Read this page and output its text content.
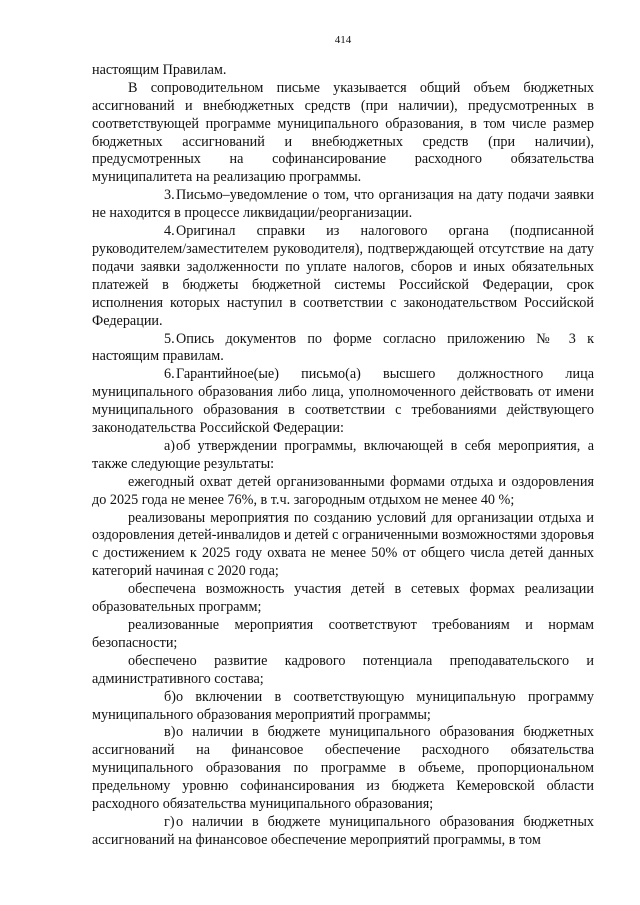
414

настоящим Правилам.

В сопроводительном письме указывается общий объем бюджетных ассигнований и внебюджетных средств (при наличии), предусмотренных в соответствующей программе муниципального образования, в том числе размер бюджетных ассигнований и внебюджетных средств (при наличии), предусмотренных на софинансирование расходного обязательства муниципалитета на реализацию программы.

3.Письмо–уведомление о том, что организация на дату подачи заявки не находится в процессе ликвидации/реорганизации.

4.Оригинал справки из налогового органа (подписанной руководителем/заместителем руководителя), подтверждающей отсутствие на дату подачи заявки задолженности по уплате налогов, сборов и иных обязательных платежей в бюджеты бюджетной системы Российской Федерации, срок исполнения которых наступил в соответствии с законодательством Российской Федерации.

5.Опись документов по форме согласно приложению № 3 к настоящим правилам.

6.Гарантийное(ые) письмо(а) высшего должностного лица муниципального образования либо лица, уполномоченного действовать от имени муниципального образования в соответствии с требованиями действующего законодательства Российской Федерации:

а)об утверждении программы, включающей в себя мероприятия, а также следующие результаты:

ежегодный охват детей организованными формами отдыха и оздоровления до 2025 года не менее 76%, в т.ч. загородным отдыхом не менее 40 %;

реализованы мероприятия по созданию условий для организации отдыха и оздоровления детей-инвалидов и детей с ограниченными возможностями здоровья с достижением к 2025 году охвата не менее 50% от общего числа детей данных категорий начиная с 2020 года;

обеспечена возможность участия детей в сетевых формах реализации образовательных программ;

реализованные мероприятия соответствуют требованиям и нормам безопасности;

обеспечено развитие кадрового потенциала преподавательского и административного состава;

б)о включении в соответствующую муниципальную программу муниципального образования мероприятий программы;

в)о наличии в бюджете муниципального образования бюджетных ассигнований на финансовое обеспечение расходного обязательства муниципального образования по программе в объеме, пропорциональном предельному уровню софинансирования из бюджета Кемеровской области расходного обязательства муниципального образования;

г)о наличии в бюджете муниципального образования бюджетных ассигнований на финансовое обеспечение мероприятий программы, в том
